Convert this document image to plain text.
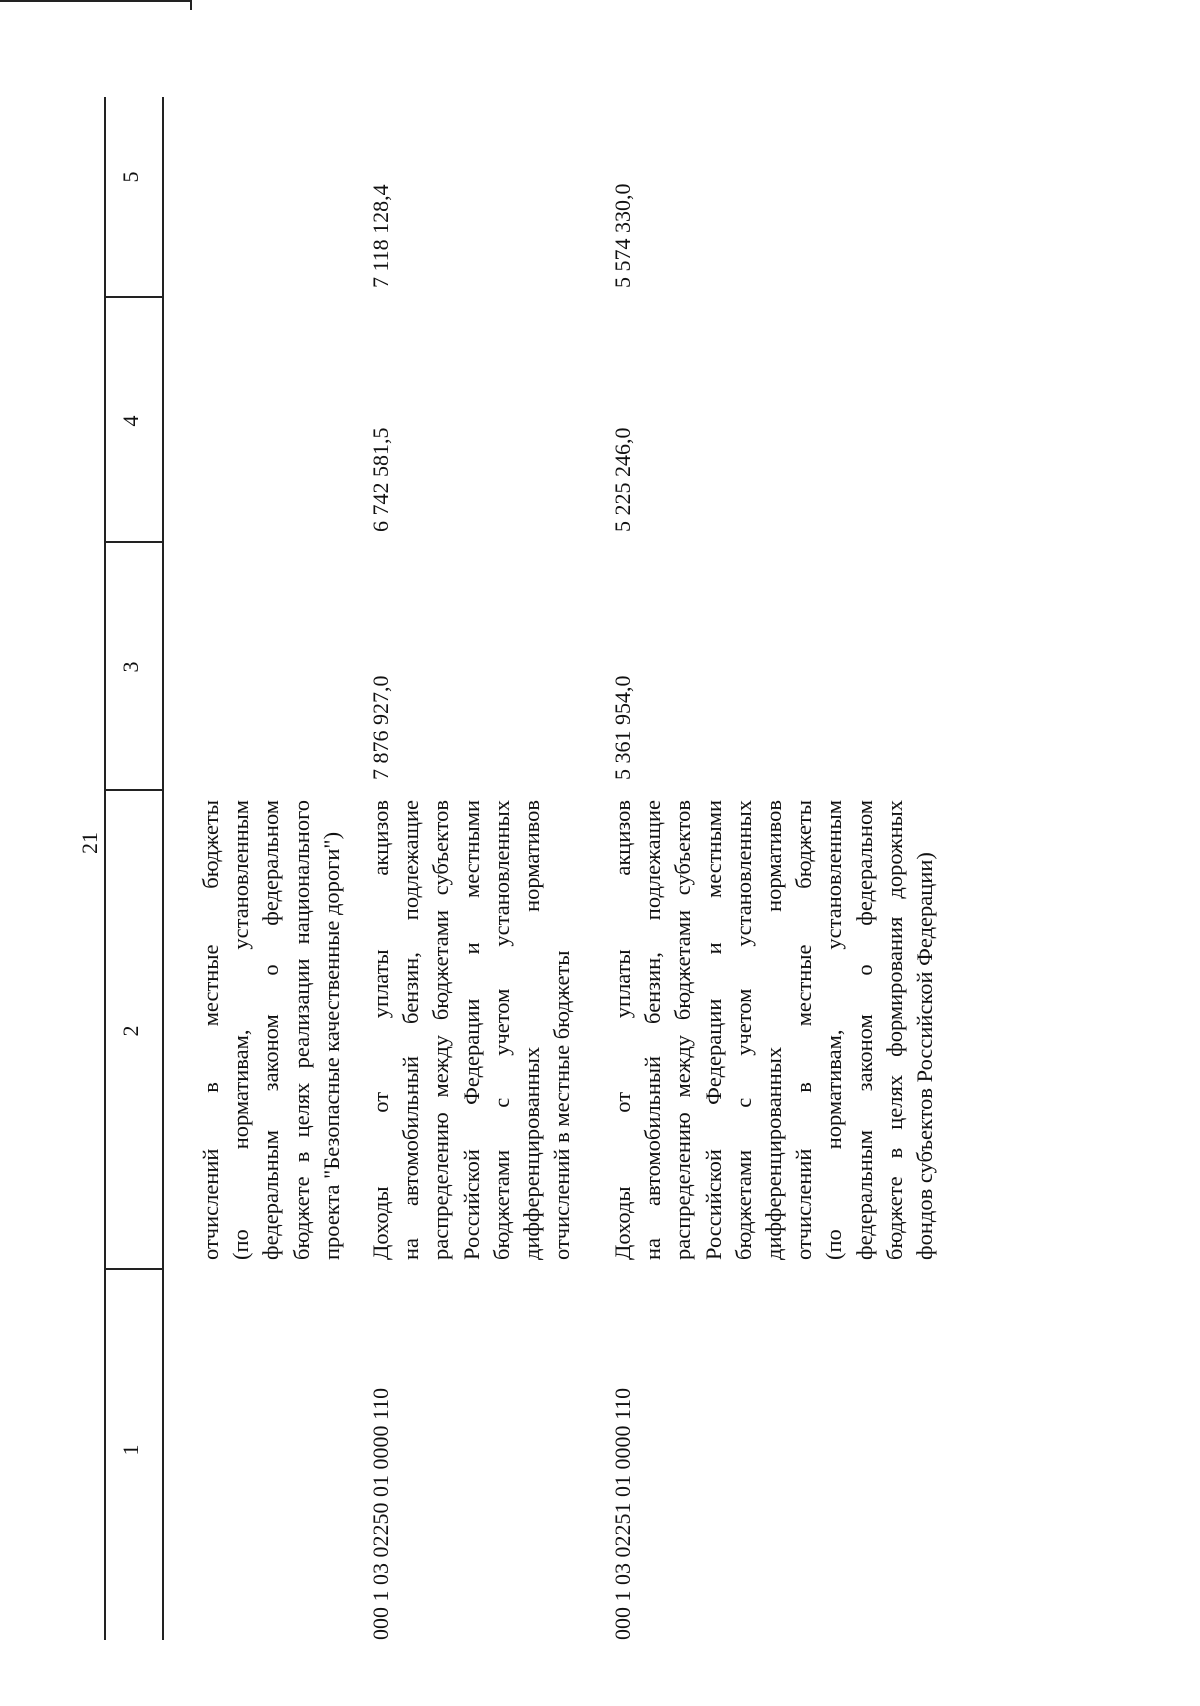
21
1
2
3
4
5
отчислений в местные бюджеты (по нормативам, установленным федеральным законом о федеральном бюджете в целях реализации национального проекта "Безопасные качественные дороги")
000 1 03 02250 01 0000 110
Доходы от уплаты акцизов на автомобильный бензин, подлежащие распределению между бюджетами субъектов Российской Федерации и местными бюджетами с учетом установленных дифференцированных нормативов отчислений в местные бюджеты
7 876 927,0
6 742 581,5
7 118 128,4
000 1 03 02251 01 0000 110
Доходы от уплаты акцизов на автомобильный бензин, подлежащие распределению между бюджетами субъектов Российской Федерации и местными бюджетами с учетом установленных дифференцированных нормативов отчислений в местные бюджеты (по нормативам, установленным федеральным законом о федеральном бюджете в целях формирования дорожных фондов субъектов Российской Федерации)
5 361 954,0
5 225 246,0
5 574 330,0
